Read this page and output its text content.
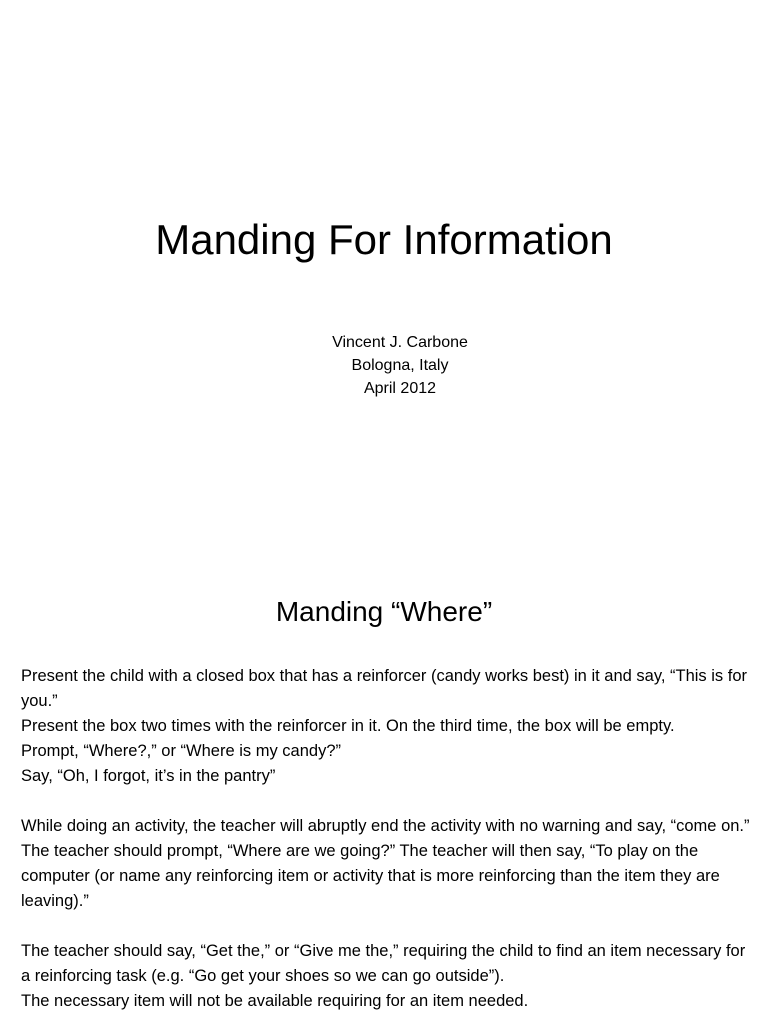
Manding For Information
Vincent J. Carbone
Bologna, Italy
April 2012
Manding “Where”

Present the child with a closed box that has a reinforcer (candy works best) in it and say, “This is for you.”

Present the box two times with the reinforcer in it. On the third time, the box will be empty.

Prompt, “Where?,” or “Where is my candy?”

Say, “Oh, I forgot, it’s in the pantry”

While doing an activity, the teacher will abruptly end the activity with no warning and say, “come on.”

The teacher should prompt, “Where are we going?” The teacher will then say, “To play on the computer (or name any reinforcing item or activity that is more reinforcing than the item they are leaving).”

The teacher should say, “Get the,” or “Give me the,” requiring the child to find an item necessary for a reinforcing task (e.g. “Go get your shoes so we can go outside”).

The necessary item will not be available requiring for an item needed.
